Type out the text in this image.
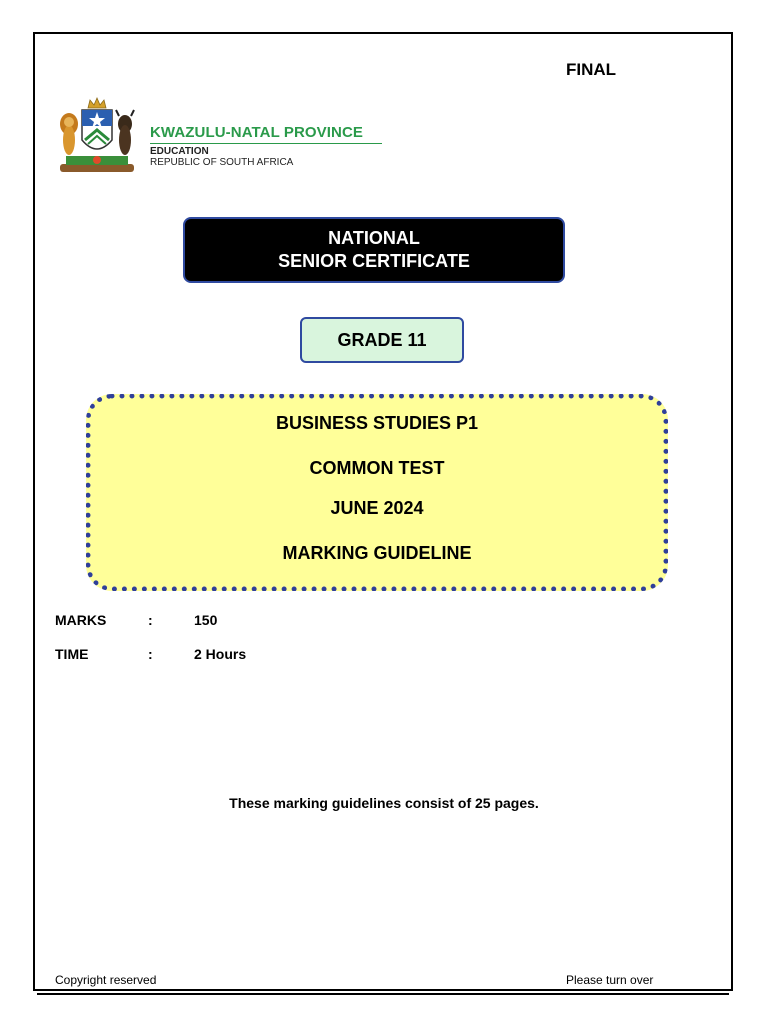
FINAL
KWAZULU-NATAL PROVINCE
EDUCATION
REPUBLIC OF SOUTH AFRICA
NATIONAL
SENIOR CERTIFICATE
GRADE 11
BUSINESS STUDIES P1
COMMON TEST
JUNE 2024
MARKING GUIDELINE
MARKS	:	150
TIME	:	2 Hours
These marking guidelines consist of 25 pages.
Copyright reserved	Please turn over
